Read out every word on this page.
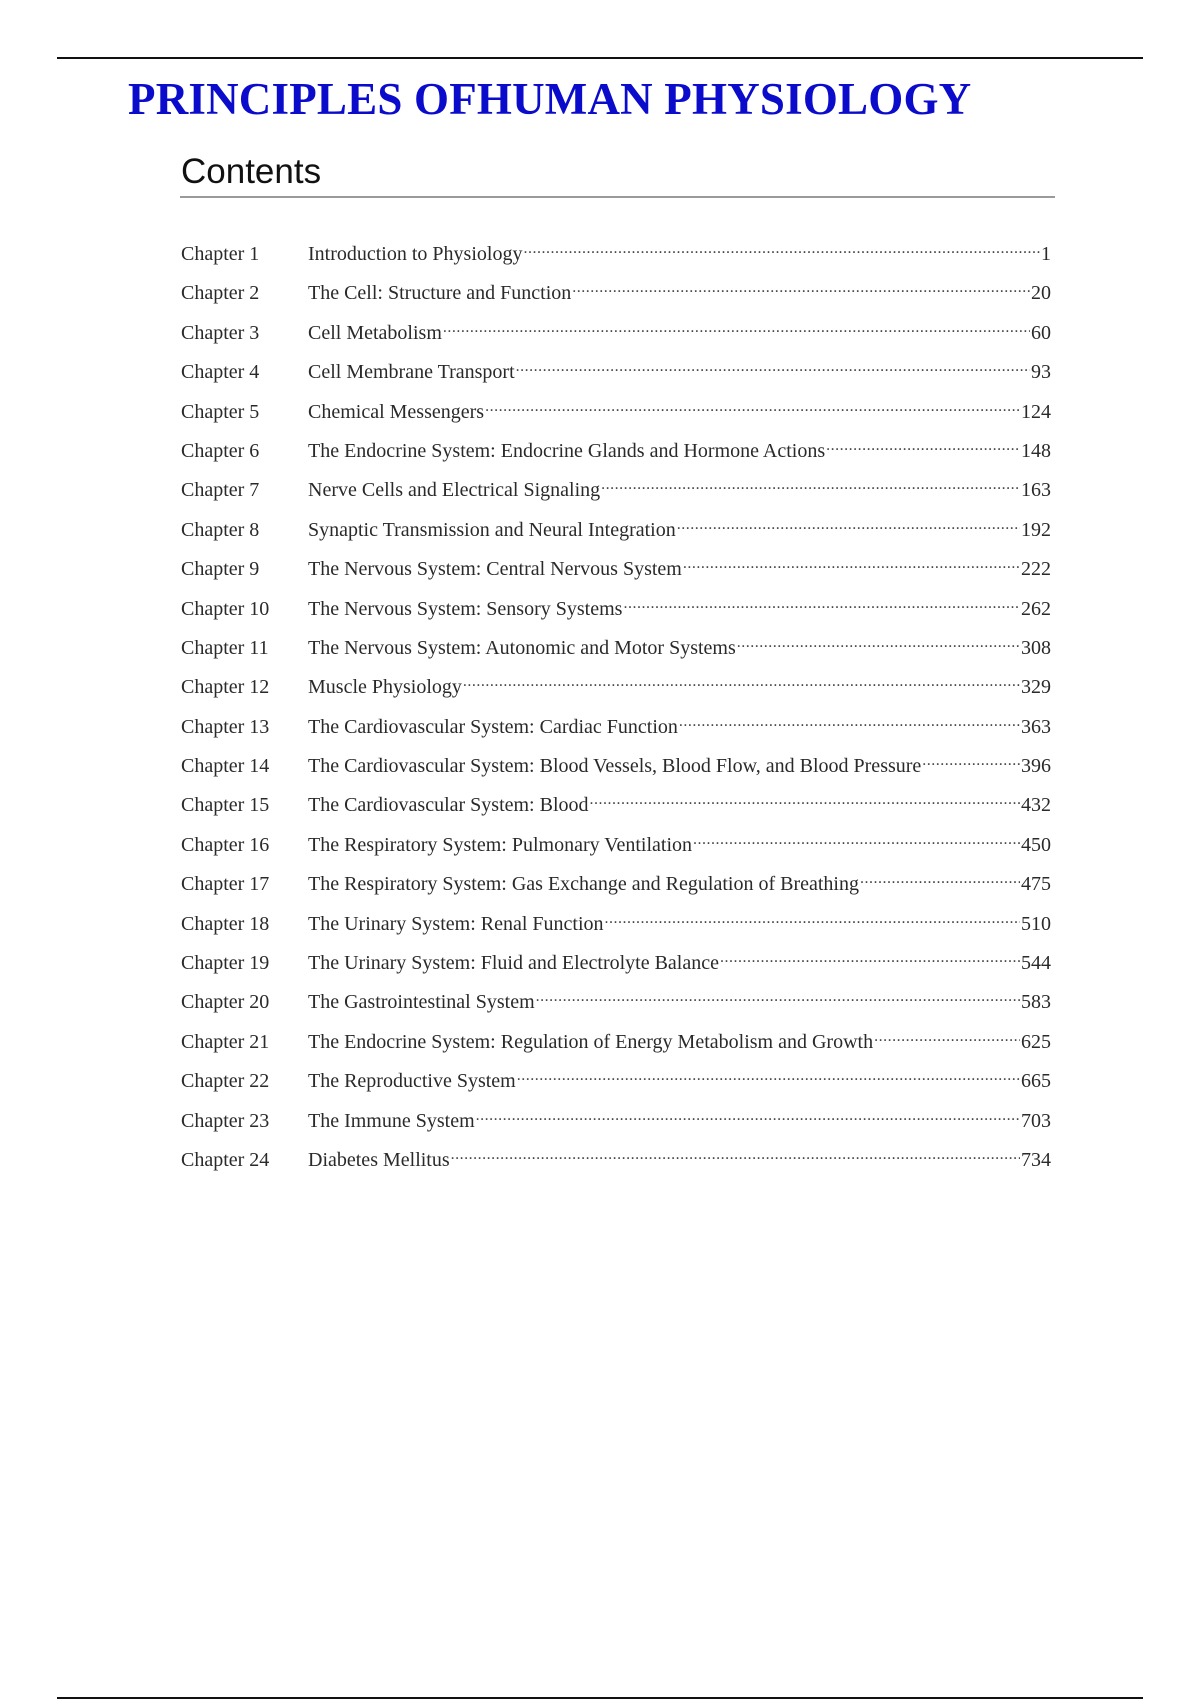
PRINCIPLES OFHUMAN PHYSIOLOGY
Contents
Chapter 1	Introduction to Physiology .....	1
Chapter 2	The Cell: Structure and Function .....	20
Chapter 3	Cell Metabolism .....	60
Chapter 4	Cell Membrane Transport .....	93
Chapter 5	Chemical Messengers .....	124
Chapter 6	The Endocrine System: Endocrine Glands and Hormone Actions .....	148
Chapter 7	Nerve Cells and Electrical Signaling .....	163
Chapter 8	Synaptic Transmission and Neural Integration .....	192
Chapter 9	The Nervous System: Central Nervous System .....	222
Chapter 10	The Nervous System: Sensory Systems .....	262
Chapter 11	The Nervous System: Autonomic and Motor Systems .....	308
Chapter 12	Muscle Physiology .....	329
Chapter 13	The Cardiovascular System: Cardiac Function .....	363
Chapter 14	The Cardiovascular System: Blood Vessels, Blood Flow, and Blood Pressure .....	396
Chapter 15	The Cardiovascular System: Blood .....	432
Chapter 16	The Respiratory System: Pulmonary Ventilation .....	450
Chapter 17	The Respiratory System: Gas Exchange and Regulation of Breathing .....	475
Chapter 18	The Urinary System: Renal Function .....	510
Chapter 19	The Urinary System: Fluid and Electrolyte Balance .....	544
Chapter 20	The Gastrointestinal System .....	583
Chapter 21	The Endocrine System: Regulation of Energy Metabolism and Growth .....	625
Chapter 22	The Reproductive System .....	665
Chapter 23	The Immune System .....	703
Chapter 24	Diabetes Mellitus .....	734
